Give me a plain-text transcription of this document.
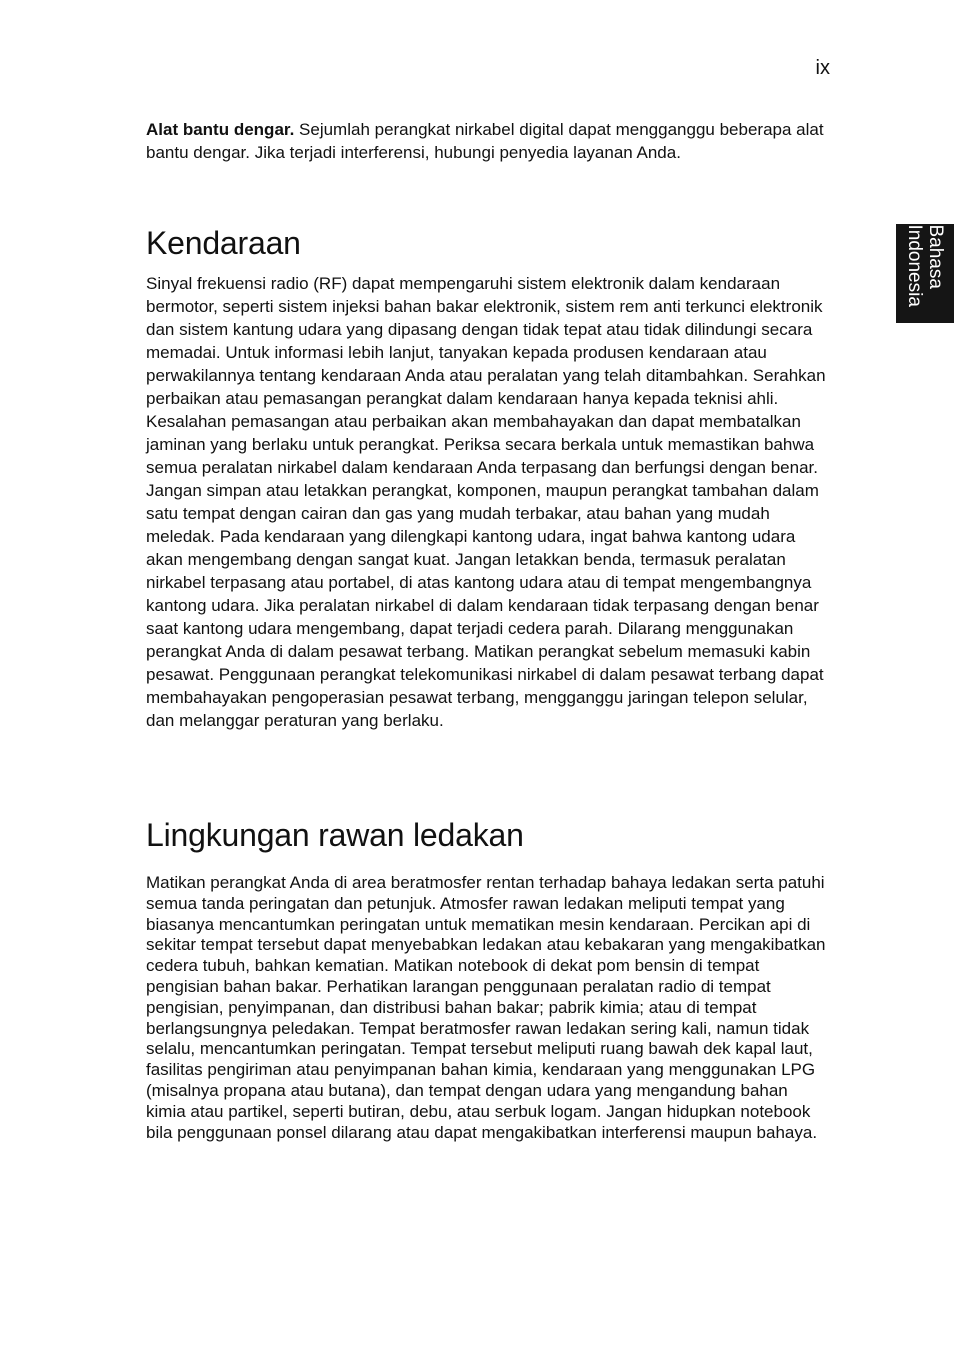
ix
Bahasa
Indonesia

Alat bantu dengar. Sejumlah perangkat nirkabel digital dapat mengganggu beberapa alat bantu dengar. Jika terjadi interferensi, hubungi penyedia layanan Anda.

Kendaraan

Sinyal frekuensi radio (RF) dapat mempengaruhi sistem elektronik dalam kendaraan bermotor, seperti sistem injeksi bahan bakar elektronik, sistem rem anti terkunci elektronik dan sistem kantung udara yang dipasang dengan tidak tepat atau tidak dilindungi secara memadai. Untuk informasi lebih lanjut, tanyakan kepada produsen kendaraan atau perwakilannya tentang kendaraan Anda atau peralatan yang telah ditambahkan. Serahkan perbaikan atau pemasangan perangkat dalam kendaraan hanya kepada teknisi ahli. Kesalahan pemasangan atau perbaikan akan membahayakan dan dapat membatalkan jaminan yang berlaku untuk perangkat. Periksa secara berkala untuk memastikan bahwa semua peralatan nirkabel dalam kendaraan Anda terpasang dan berfungsi dengan benar. Jangan simpan atau letakkan perangkat, komponen, maupun perangkat tambahan dalam satu tempat dengan cairan dan gas yang mudah terbakar, atau bahan yang mudah meledak. Pada kendaraan yang dilengkapi kantong udara, ingat bahwa kantong udara akan mengembang dengan sangat kuat. Jangan letakkan benda, termasuk peralatan nirkabel terpasang atau portabel, di atas kantong udara atau di tempat mengembangnya kantong udara. Jika peralatan nirkabel di dalam kendaraan tidak terpasang dengan benar saat kantong udara mengembang, dapat terjadi cedera parah. Dilarang menggunakan perangkat Anda di dalam pesawat terbang. Matikan perangkat sebelum memasuki kabin pesawat. Penggunaan perangkat telekomunikasi nirkabel di dalam pesawat terbang dapat membahayakan pengoperasian pesawat terbang, mengganggu jaringan telepon selular, dan melanggar peraturan yang berlaku.

Lingkungan rawan ledakan

Matikan perangkat Anda di area beratmosfer rentan terhadap bahaya ledakan serta patuhi semua tanda peringatan dan petunjuk. Atmosfer rawan ledakan meliputi tempat yang biasanya mencantumkan peringatan untuk mematikan mesin kendaraan. Percikan api di sekitar tempat tersebut dapat menyebabkan ledakan atau kebakaran yang mengakibatkan cedera tubuh, bahkan kematian. Matikan notebook di dekat pom bensin di tempat pengisian bahan bakar. Perhatikan larangan penggunaan peralatan radio di tempat pengisian, penyimpanan, dan distribusi bahan bakar; pabrik kimia; atau di tempat berlangsungnya peledakan. Tempat beratmosfer rawan ledakan sering kali, namun tidak selalu, mencantumkan peringatan. Tempat tersebut meliputi ruang bawah dek kapal laut, fasilitas pengiriman atau penyimpanan bahan kimia, kendaraan yang menggunakan LPG (misalnya propana atau butana), dan tempat dengan udara yang mengandung bahan kimia atau partikel, seperti butiran, debu, atau serbuk logam. Jangan hidupkan notebook bila penggunaan ponsel dilarang atau dapat mengakibatkan interferensi maupun bahaya.
